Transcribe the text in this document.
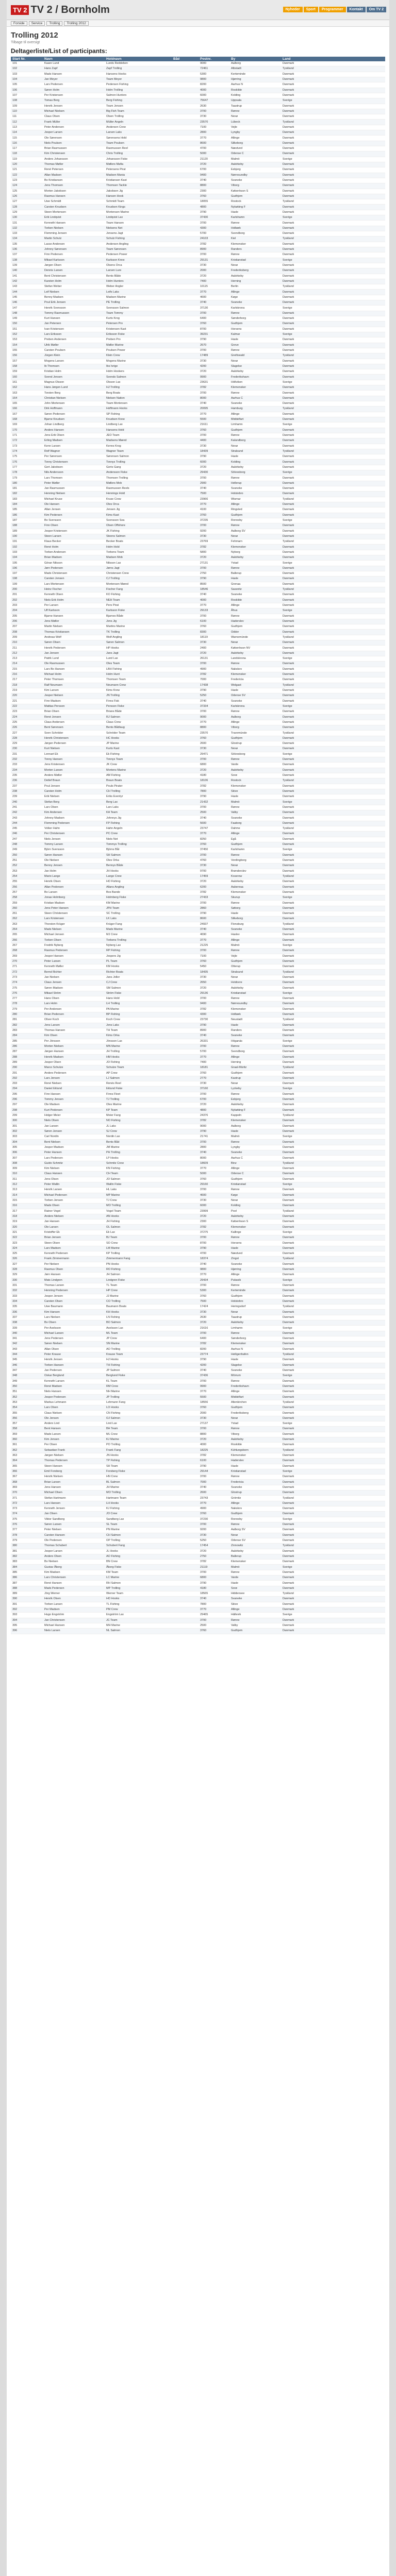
TV 2 TV 2 / Bornholm	Nyheder	Sport	Programmer	Kontakt	Om TV 2
Forside	Service	Trolling	Trolling 2012
Trolling 2012
Tilbage til oversigt
Deltagerliste/List of participants:
Start Nr.	Navn	Holdnavn	Båd	Postnr.	By	Land
101	Kaare Lund	Lunds Reddeben		9000	Aalborg	Danmark
102	Hans Zapf	Zapf Trolling		72461	Albstadt	Tyskland
103	Mads Hansen	Hansens Hooks		5300	Kerteminde	Danmark
104	Jan Meyer	Team Meyer		9800	Hjørring	Danmark
105	Lars Pedersen	Pedersen Fishing		8200	Aarhus N	Danmark
106	Søren Holm	Holm Trolling		4000	Roskilde	Danmark
107	Per Kristensen	Salmon Hunters		6000	Kolding	Danmark
108	Tomas Berg	Berg Fishing		75647	Uppsala	Sverige
109	Henrik Jensen	Team Jensen		2630	Taastrup	Danmark
110	Michael Nielsen	Big Fish Team		3700	Rønne	Danmark
111	Claus Olsen	Olsen Trolling		3730	Nexø	Danmark
112	Frank Müller	Müller Angeln		23570	Lübeck	Tyskland
113	Peter Andersen	Andersen Crew		7100	Vejle	Danmark
114	Jesper Larsen	Larsen Laks		2800	Lyngby	Danmark
115	Ole Sørensen	Sørensens Hold		3770	Allinge	Danmark
116	Niels Poulsen	Team Poulsen		8600	Silkeborg	Danmark
117	Brian Rasmussen	Rasmussen Reel		4700	Næstved	Danmark
118	Kim Christensen	Chris Trolling		5000	Odense C	Danmark
119	Anders Johansson	Johansson Fiske		21120	Malmö	Sverige
120	Thomas Møller	Møllers Mafia		3720	Aakirkeby	Danmark
121	René Petersen	Petersens Pirat		6700	Esbjerg	Danmark
122	Allan Madsen	Madsen Mania		9400	Nørresundby	Danmark
123	Bo Kristiansen	Kristiansen Kast		3740	Svaneke	Danmark
124	Jens Thomsen	Thomsen Tackle		8800	Viborg	Danmark
125	Morten Jakobsen	Jakobsen Jig		2300	København S	Danmark
126	Rasmus Hansen	Hansen Hook		3760	Gudhjem	Danmark
127	Uwe Schmidt	Schmidt Team		18055	Rostock	Tyskland
128	Carsten Knudsen	Knudsen Kings		4800	Nykøbing F	Danmark
129	Steen Mortensen	Mortensen Marine		3790	Hasle	Danmark
130	Erik Lindqvist	Lindqvist Lax		37430	Karlshamn	Sverige
131	Kenneth Hansen	Team Hansen		3700	Rønne	Danmark
132	Torben Nielsen	Nielsens Net		4300	Holbæk	Danmark
133	Flemming Jensen	Jensens Jagt		5700	Svendborg	Danmark
134	Martin Schulz	Schulz Fishing		24103	Kiel	Tyskland
135	Lasse Andersen	Andersen Angling		3782	Klemensker	Danmark
136	Johnny Sørensen	Team Sørensen		8900	Randers	Danmark
137	Finn Pedersen	Pedersen Power		3700	Rønne	Danmark
138	Mikael Karlsson	Karlsson Krew		29131	Kristianstad	Sverige
139	Jørgen Olsen	Olsens Orca		3730	Nexø	Danmark
140	Dennis Larsen	Larsen Lure		2000	Frederiksberg	Danmark
141	Bent Christensen	Bents Både		3720	Aakirkeby	Danmark
142	Karsten Holm	Holm Hunters		7400	Herning	Danmark
143	Stefan Weber	Weber Angler		10115	Berlin	Tyskland
144	Leif Nielsen	Leifs Laks		3770	Allinge	Danmark
145	Benny Madsen	Madsen Marine		4600	Køge	Danmark
146	Poul Erik Jensen	PE Trolling		3740	Svaneke	Danmark
147	Henrik Svensson	Svensson Salmon		37130	Karlskrona	Sverige
148	Tommy Rasmussen	Team Tommy		3700	Rønne	Danmark
149	Kurt Hansen	Kurts Krog		6400	Sønderborg	Danmark
150	Jan Petersen	Petersen Pro		3760	Gudhjem	Danmark
151	Ivan Kristensen	Kristensen Kast		8700	Horsens	Danmark
152	Lars Eriksson	Eriksson Fiske		39231	Kalmar	Sverige
153	Preben Andersen	Preben Pro		3790	Hasle	Danmark
154	Ulrik Møller	Møller Marine		2670	Greve	Danmark
155	Carsten Poulsen	Poulsen Power		3700	Rønne	Danmark
156	Jürgen Klein	Klein Crew		17489	Greifswald	Tyskland
157	Mogens Larsen	Mogens Marine		3730	Nexø	Danmark
158	Ib Thomsen	Ibs Ivrige		4200	Slagelse	Danmark
159	Kristian Holm	Holm Hookers		3720	Aakirkeby	Danmark
160	Svend Jensen	Svends Salmon		9900	Frederikshavn	Danmark
161	Magnus Olsson	Olsson Lax		23631	Höllviken	Sverige
162	Hans Jørgen Lund	HJ Trolling		3782	Klemensker	Danmark
163	Torsten Berg	Berg Boats		3700	Rønne	Danmark
164	Christian Nielsen	Nielsen Nation		8000	Aarhus C	Danmark
165	John Mortensen	Team Mortensen		3740	Svaneke	Danmark
166	Dirk Hoffmann	Hoffmann Hooks		20095	Hamburg	Tyskland
167	Søren Pedersen	SP Fishing		3770	Allinge	Danmark
168	Bjarne Knudsen	Knudsen Krew		5500	Middelfart	Danmark
169	Johan Lindberg	Lindberg Lax		21611	Limhamn	Sverige
170	Anders Hansen	Hansens Hold		3760	Gudhjem	Danmark
171	Jens Erik Olsen	JEO Team		3700	Rønne	Danmark
172	Erling Madsen	Madsens Mænd		4400	Kalundborg	Danmark
173	Kenn Larsen	Kenns Krog		3730	Nexø	Danmark
174	Rolf Wagner	Wagner Team		18439	Stralsund	Tyskland
175	Per Sørensen	Sørensen Salmon		3790	Hasle	Danmark
176	Tonny Christensen	Tonnys Trolling		6000	Kolding	Danmark
177	Gert Jakobsen	Gerts Gang		3720	Aakirkeby	Danmark
178	Nils Andersson	Andersson Fiske		29430	Sölvesborg	Sverige
179	Lars Thomsen	Thomsen Trolling		3700	Rønne	Danmark
180	Peter Møller	Møllers Mob		2900	Hellerup	Danmark
181	Jan Rasmussen	Rasmussen Reels		3740	Svaneke	Danmark
182	Henning Nielsen	Hennings Hold		7500	Holstebro	Danmark
183	Michael Kruse	Kruse Crew		23966	Wismar	Tyskland
184	Ole Hansen	Oles Orca		3770	Allinge	Danmark
185	Allan Jensen	Jensen Jig		4100	Ringsted	Danmark
186	Kim Pedersen	Kims Kast		3760	Gudhjem	Danmark
187	Bo Svensson	Svensson Sea		37235	Ronneby	Sverige
188	Finn Olsen	Olsen Offshore		3700	Rønne	Danmark
189	Jesper Kristensen	JK Fishing		9200	Aalborg SV	Danmark
190	Steen Larsen	Steens Salmon		3730	Nexø	Danmark
191	Klaus Becker	Becker Boats		23769	Fehmarn	Tyskland
192	René Holm	Holm Hold		3782	Klemensker	Danmark
193	Torben Andersen	Torbens Team		5800	Nyborg	Danmark
194	Brian Madsen	Madsen Mob		3720	Aakirkeby	Danmark
195	Göran Nilsson	Nilsson Lax		27131	Ystad	Sverige
196	Jørn Pedersen	Jørns Jagt		3700	Rønne	Danmark
197	Mads Christensen	Christensen Crew		2750	Ballerup	Danmark
198	Carsten Jensen	CJ Trolling		3790	Hasle	Danmark
199	Lars Mortensen	Mortensen Mænd		8500	Grenaa	Danmark
200	Heinz Fischer	Fischer Fang		18546	Sassnitz	Tyskland
201	Kenneth Olsen	KO Fishing		3740	Svaneke	Danmark
202	Niels Erik Holm	NEH Team		4000	Roskilde	Danmark
203	Per Larsen	Pers Pirat		3770	Allinge	Danmark
204	Ulf Karlsson	Karlsson Fiske		29133	Åhus	Sverige
205	Bjarne Hansen	Bjarnes Både		3700	Rønne	Danmark
206	Jens Møller	Jens Jig		6100	Haderslev	Danmark
207	Martin Nielsen	Martins Marine		3760	Gudhjem	Danmark
208	Thomas Kristiansen	TK Trolling		8300	Odder	Danmark
209	Andreas Wolf	Wolf Angling		18119	Warnemünde	Tyskland
210	Søren Olsen	Søren Salmon		3730	Nexø	Danmark
211	Henrik Pedersen	HP Hooks		2400	København NV	Danmark
212	Jan Jensen	Jans Jagt		3720	Aakirkeby	Danmark
213	Patrik Lund	Lund Lax		26131	Landskrona	Sverige
214	Ole Rasmussen	Oles Team		3700	Rønne	Danmark
215	Lars Bo Hansen	LBH Fishing		4900	Nakskov	Danmark
216	Michael Holm	Holm Hunt		3782	Klemensker	Danmark
217	Peter Thomsen	Thomsen Team		7000	Fredericia	Danmark
218	Ralf Neumann	Neumann Crew		17438	Wolgast	Tyskland
219	Kim Larsen	Kims Krew		3790	Hasle	Danmark
220	Jesper Nielsen	JN Trolling		5250	Odense SV	Danmark
221	Finn Madsen	Finns Fisk		3740	Svaneke	Danmark
222	Mattias Persson	Persson Fiske		37334	Karlskrona	Sverige
223	Brian Olsen	Brians Både		3700	Rønne	Danmark
224	René Jensen	RJ Salmon		9000	Aalborg	Danmark
225	Claus Andersen	Claus Crew		3770	Allinge	Danmark
226	Bent Sørensen	Bents Bådlaug		8800	Viborg	Danmark
227	Sven Schröder	Schröder Team		23570	Travemünde	Tyskland
228	Henrik Christensen	HC Hooks		3760	Gudhjem	Danmark
229	Jørgen Pedersen	JP Marine		2600	Glostrup	Danmark
230	Kurt Nielsen	Kurts Kast		3730	Nexø	Danmark
231	Lennart Ek	Ek Fishing		29471	Sölvesborg	Sverige
232	Tonny Hansen	Tonnys Team		3700	Rønne	Danmark
233	Jens Kristensen	JK Crew		6800	Varde	Danmark
234	Morten Larsen	Mortens Marine		3720	Aakirkeby	Danmark
235	Anders Møller	AM Fishing		4180	Sorø	Danmark
236	Detlef Braun	Braun Boats		18106	Rostock	Tyskland
237	Poul Jensen	Pouls Pirater		3782	Klemensker	Danmark
238	Carsten Holm	CH Trolling		7800	Skive	Danmark
239	Erik Nielsen	Eriks Eventyr		3790	Hasle	Danmark
240	Stefan Berg	Berg Lax		21432	Malmö	Sverige
241	Lars Olsen	Lars Laks		3700	Rønne	Danmark
242	Kim Andersen	KA Team		2500	Valby	Danmark
243	Johnny Madsen	Johnnys Jig		3740	Svaneke	Danmark
244	Flemming Pedersen	FP Fishing		5600	Faaborg	Danmark
245	Volker Hahn	Hahn Angeln		23747	Dahme	Tyskland
246	Per Christensen	PC Crew		3770	Allinge	Danmark
247	Niels Jensen	Niels Net		8250	Egå	Danmark
248	Tommy Larsen	Tommys Trolling		3760	Gudhjem	Danmark
249	Björn Svensson	Björns Båt		37450	Karlshamn	Sverige
250	Søren Hansen	SH Salmon		3700	Rønne	Danmark
251	Ole Nielsen	Oles Orka		4760	Vordingborg	Danmark
252	Benny Jensen	Bennys Både		3730	Nexø	Danmark
253	Jan Holm	JH Hooks		9700	Brønderslev	Danmark
254	Mario Lange	Lange Crew		17459	Koserow	Tyskland
255	Henrik Olsen	HO Fishing		3720	Aakirkeby	Danmark
256	Allan Pedersen	Allans Angling		6200	Aabenraa	Danmark
257	Bo Larsen	Bos Bande		3782	Klemensker	Danmark
258	Jonas Holmberg	Holmberg Fiske		27433	Skurup	Sverige
259	Kristian Madsen	KM Marine		3700	Rønne	Danmark
260	Jens Peter Hansen	JPH Team		2860	Søborg	Danmark
261	Steen Christensen	SC Trolling		3790	Hasle	Danmark
262	Lars Kristensen	LK Laks		8600	Silkeborg	Danmark
263	Thorsten Krüger	Krüger Fang		24937	Flensburg	Tyskland
264	Mads Nielsen	Mads Marine		3740	Svaneke	Danmark
265	Michael Jensen	MJ Crew		4690	Haslev	Danmark
266	Torben Olsen	Torbens Trolling		3770	Allinge	Danmark
267	Fredrik Nyberg	Nyberg Lax		21225	Malmö	Sverige
268	Rasmus Pedersen	RP Fishing		3700	Rønne	Danmark
269	Jesper Hansen	Jespers Jig		7100	Vejle	Danmark
270	Peter Larsen	PL Team		3760	Gudhjem	Danmark
271	Kenneth Møller	KM Hooks		5450	Otterup	Danmark
272	Bernd Richter	Richter Boats		18435	Stralsund	Tyskland
273	Jan Nielsen	Jans Joller		3730	Nexø	Danmark
274	Claus Jensen	CJ Crew		2650	Hvidovre	Danmark
275	Søren Madsen	SM Salmon		3720	Aakirkeby	Danmark
276	Mikael Ström	Ström Fiske		29136	Kristianstad	Sverige
277	Hans Olsen	Hans Hold		3700	Rønne	Danmark
278	Lars Holm	LH Trolling		9400	Nørresundby	Danmark
279	Per Andersen	PA Marine		3782	Klemensker	Danmark
280	Brian Pedersen	BP Fishing		4300	Holbæk	Danmark
281	Oliver Koch	Koch Crew		23730	Neustadt	Tyskland
282	Jens Larsen	Jens Laks		3790	Hasle	Danmark
283	Thomas Hansen	TH Team		8900	Randers	Danmark
284	Kim Olsen	Kims Orka		3740	Svaneke	Danmark
285	Per Jönsson	Jönsson Lax		26331	Höganäs	Sverige
286	Morten Nielsen	MN Marine		3700	Rønne	Danmark
287	Jørgen Hansen	JH Trolling		5700	Svendborg	Danmark
288	Henrik Madsen	HM Hooks		3770	Allinge	Danmark
289	Jesper Olsen	JO Fishing		7400	Herning	Danmark
290	Marco Schulze	Schulze Team		18181	Graal-Müritz	Tyskland
291	Anders Pedersen	AP Crew		3760	Gudhjem	Danmark
292	Lars Jensen	LJ Salmon		2770	Kastrup	Danmark
293	René Nielsen	Renés Reel		3730	Nexø	Danmark
294	Daniel Eklund	Eklund Fiske		37160	Lyckeby	Sverige
295	Finn Hansen	Finns Fleet		3700	Rønne	Danmark
296	Tommy Jensen	TJ Trolling		6700	Esbjerg	Danmark
297	Ole Madsen	Oles Marine		3720	Aakirkeby	Danmark
298	Kurt Pedersen	KP Team		4800	Nykøbing F	Danmark
299	Holger Meier	Meier Fang		24376	Kappeln	Tyskland
300	Niels Olsen	NO Fishing		3782	Klemensker	Danmark
301	Jan Larsen	JL Laks		9000	Aalborg	Danmark
302	Søren Jensen	SJ Crew		3790	Hasle	Danmark
303	Carl Nordin	Nordin Lax		21741	Malmö	Sverige
304	Bent Nielsen	Bents Båd		3700	Rønne	Danmark
305	Jesper Madsen	JM Marine		2800	Lyngby	Danmark
306	Peter Hansen	PH Trolling		3740	Svaneke	Danmark
307	Lars Pedersen	LP Hooks		8000	Aarhus C	Danmark
308	Guido Schmitz	Schmitz Crew		18609	Binz	Tyskland
309	Kim Nielsen	KN Fishing		3770	Allinge	Danmark
310	Claus Hansen	CH Team		5000	Odense C	Danmark
311	Jens Olsen	JO Salmon		3760	Gudhjem	Danmark
312	Peter Wallin	Wallin Fiske		29160	Kristianstad	Sverige
313	Henrik Larsen	HL Laks		3700	Rønne	Danmark
314	Michael Pedersen	MP Marine		4600	Køge	Danmark
315	Torben Jensen	TJ Crew		3730	Nexø	Danmark
316	Mads Olsen	MO Trolling		6000	Kolding	Danmark
317	Rainer Vogel	Vogel Team		23999	Poel	Tyskland
318	Anders Nielsen	AN Hooks		3720	Aakirkeby	Danmark
319	Jan Hansen	JH Fishing		2300	København S	Danmark
320	Ole Larsen	OL Salmon		3782	Klemensker	Danmark
321	Kristoffer Ek	Ek Lax		37275	Kallinge	Sverige
322	Brian Jensen	BJ Team		3700	Rønne	Danmark
323	Steen Olsen	SO Crew		8700	Horsens	Danmark
324	Lars Madsen	LM Marine		3790	Hasle	Danmark
325	Kenneth Pedersen	KP Trolling		4700	Næstved	Danmark
326	Frank Zimmermann	Zimmermann Fang		18374	Zingst	Tyskland
327	Per Nielsen	PN Hooks		3740	Svaneke	Danmark
328	Rasmus Olsen	RO Fishing		9800	Hjørring	Danmark
329	Jørn Hansen	JH Salmon		3770	Allinge	Danmark
330	Mats Lindgren	Lindgren Fiske		29434	Pukavik	Sverige
331	Thomas Larsen	TL Team		3700	Rønne	Danmark
332	Henning Pedersen	HP Crew		5300	Kerteminde	Danmark
333	Jesper Jensen	JJ Marine		3760	Gudhjem	Danmark
334	Carsten Olsen	CO Trolling		7500	Holstebro	Danmark
335	Uwe Baumann	Baumann Boats		17424	Heringsdorf	Tyskland
336	Kim Hansen	KH Hooks		3730	Nexø	Danmark
337	Lars Nielsen	LN Fishing		2630	Taastrup	Danmark
338	Bo Olsen	BO Salmon		3720	Aakirkeby	Danmark
339	Per Axelsson	Axelsson Lax		21616	Limhamn	Sverige
340	Michael Larsen	ML Team		3700	Rønne	Danmark
341	Jens Pedersen	JP Crew		6400	Sønderborg	Danmark
342	Søren Nielsen	SN Marine		3782	Klemensker	Danmark
343	Allan Olsen	AO Trolling		8200	Aarhus N	Danmark
344	Peter Krause	Krause Team		23774	Heiligenhafen	Tyskland
345	Henrik Jensen	HJ Hooks		3790	Hasle	Danmark
346	Torben Hansen	TH Fishing		4200	Slagelse	Danmark
347	Jan Pedersen	JP Salmon		3740	Svaneke	Danmark
348	Oskar Berglund	Berglund Fiske		37436	Mörrum	Sverige
349	Kenneth Larsen	KL Team		3700	Rønne	Danmark
350	René Madsen	RM Crew		9900	Frederikshavn	Danmark
351	Niels Hansen	NH Marine		3770	Allinge	Danmark
352	Jesper Pedersen	JP Trolling		5500	Middelfart	Danmark
353	Markus Lehmann	Lehmann Fang		18556	Altenkirchen	Tyskland
354	Lars Olsen	LO Hooks		3760	Gudhjem	Danmark
355	Claus Nielsen	CN Fishing		2000	Frederiksberg	Danmark
356	Ole Jensen	OJ Salmon		3730	Nexø	Danmark
357	Anders Lind	Lind Lax		27137	Ystad	Sverige
358	Bent Hansen	BH Team		3700	Rønne	Danmark
359	Mads Larsen	ML Crew		8800	Viborg	Danmark
360	Kim Jensen	KJ Marine		3720	Aakirkeby	Danmark
361	Per Olsen	PO Trolling		4000	Roskilde	Danmark
362	Sebastian Frank	Frank Fang		18225	Kühlungsborn	Tyskland
363	Jørgen Nielsen	JN Hooks		3782	Klemensker	Danmark
364	Thomas Pedersen	TP Fishing		6100	Haderslev	Danmark
365	Steen Hansen	SH Team		3790	Hasle	Danmark
366	Emil Forsberg	Forsberg Fiske		29144	Kristianstad	Sverige
367	Henrik Nielsen	HN Crew		3700	Rønne	Danmark
368	Brian Larsen	BL Salmon		7000	Fredericia	Danmark
369	Jens Hansen	JH Marine		3740	Svaneke	Danmark
370	Michael Olsen	MO Trolling		2600	Glostrup	Danmark
371	Stefan Hartmann	Hartmann Team		23743	Grömitz	Tyskland
372	Lars Hansen	LH Hooks		3770	Allinge	Danmark
373	Kenneth Jensen	KJ Fishing		4900	Nakskov	Danmark
374	Jan Olsen	JO Crew		3760	Gudhjem	Danmark
375	Viktor Sandberg	Sandberg Lax		37230	Ronneby	Sverige
376	Søren Larsen	SL Team		3700	Rønne	Danmark
377	Peter Nielsen	PN Marine		9200	Aalborg SV	Danmark
378	Carsten Hansen	CH Salmon		3730	Nexø	Danmark
379	Ole Pedersen	OP Trolling		5250	Odense SV	Danmark
380	Thomas Schubert	Schubert Fang		17454	Zinnowitz	Tyskland
381	Jesper Larsen	JL Hooks		3720	Aakirkeby	Danmark
382	Anders Olsen	AO Fishing		2750	Ballerup	Danmark
383	Bo Nielsen	BN Crew		3782	Klemensker	Danmark
384	Gustav Åberg	Åberg Fiske		21119	Malmö	Sverige
385	Kim Madsen	KM Team		3700	Rønne	Danmark
386	Lars Christensen	LC Marine		6800	Varde	Danmark
387	René Hansen	RH Salmon		3790	Hasle	Danmark
388	Mads Pedersen	MP Trolling		4180	Sorø	Danmark
389	Jörg Werner	Werner Team		18565	Hiddensee	Tyskland
390	Henrik Olsen	HO Hooks		3740	Svaneke	Danmark
391	Torben Larsen	TL Fishing		7800	Skive	Danmark
392	Per Madsen	PM Crew		3770	Allinge	Danmark
393	Hugo Engström	Engström Lax		29465	Hällevik	Sverige
394	Jan Christensen	JC Team		3700	Rønne	Danmark
395	Michael Hansen	MH Marine		2500	Valby	Danmark
396	Niels Larsen	NL Salmon		3760	Gudhjem	Danmark
